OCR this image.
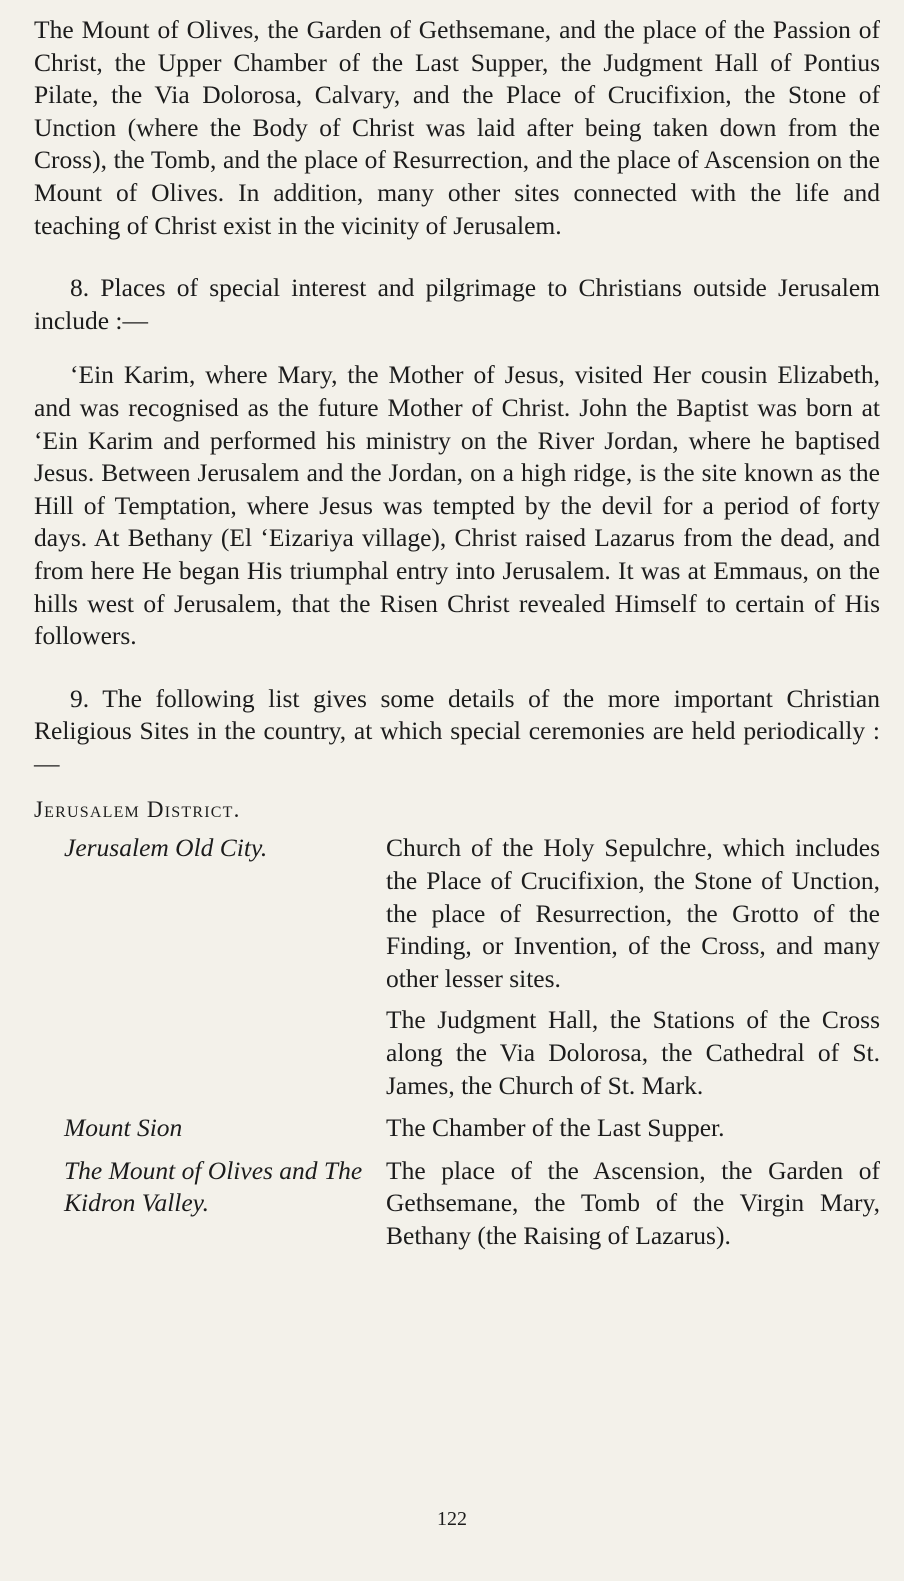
The Mount of Olives, the Garden of Gethsemane, and the place of the Passion of Christ, the Upper Chamber of the Last Supper, the Judgment Hall of Pontius Pilate, the Via Dolorosa, Calvary, and the Place of Crucifixion, the Stone of Unction (where the Body of Christ was laid after being taken down from the Cross), the Tomb, and the place of Resurrection, and the place of Ascension on the Mount of Olives. In addition, many other sites connected with the life and teaching of Christ exist in the vicinity of Jerusalem.

8. Places of special interest and pilgrimage to Christians outside Jerusalem include :—

‘Ein Karim, where Mary, the Mother of Jesus, visited Her cousin Elizabeth, and was recognised as the future Mother of Christ. John the Baptist was born at ‘Ein Karim and performed his ministry on the River Jordan, where he baptised Jesus. Between Jerusalem and the Jordan, on a high ridge, is the site known as the Hill of Temptation, where Jesus was tempted by the devil for a period of forty days. At Bethany (El ‘Eizariya village), Christ raised Lazarus from the dead, and from here He began His triumphal entry into Jerusalem. It was at Emmaus, on the hills west of Jerusalem, that the Risen Christ revealed Himself to certain of His followers.

9. The following list gives some details of the more important Christian Religious Sites in the country, at which special ceremonies are held periodically :—

Jerusalem District.
Jerusalem Old City.	Church of the Holy Sepulchre, which includes the Place of Crucifixion, the Stone of Unction, the place of Resurrection, the Grotto of the Finding, or Invention, of the Cross, and many other lesser sites.

The Judgment Hall, the Stations of the Cross along the Via Dolorosa, the Cathedral of St. James, the Church of St. Mark.

Mount Sion	The Chamber of the Last Supper.

The Mount of Olives and The Kidron Valley.

The place of the Ascension, the Garden of Gethsemane, the Tomb of the Virgin Mary, Bethany (the Raising of Lazarus).

122
